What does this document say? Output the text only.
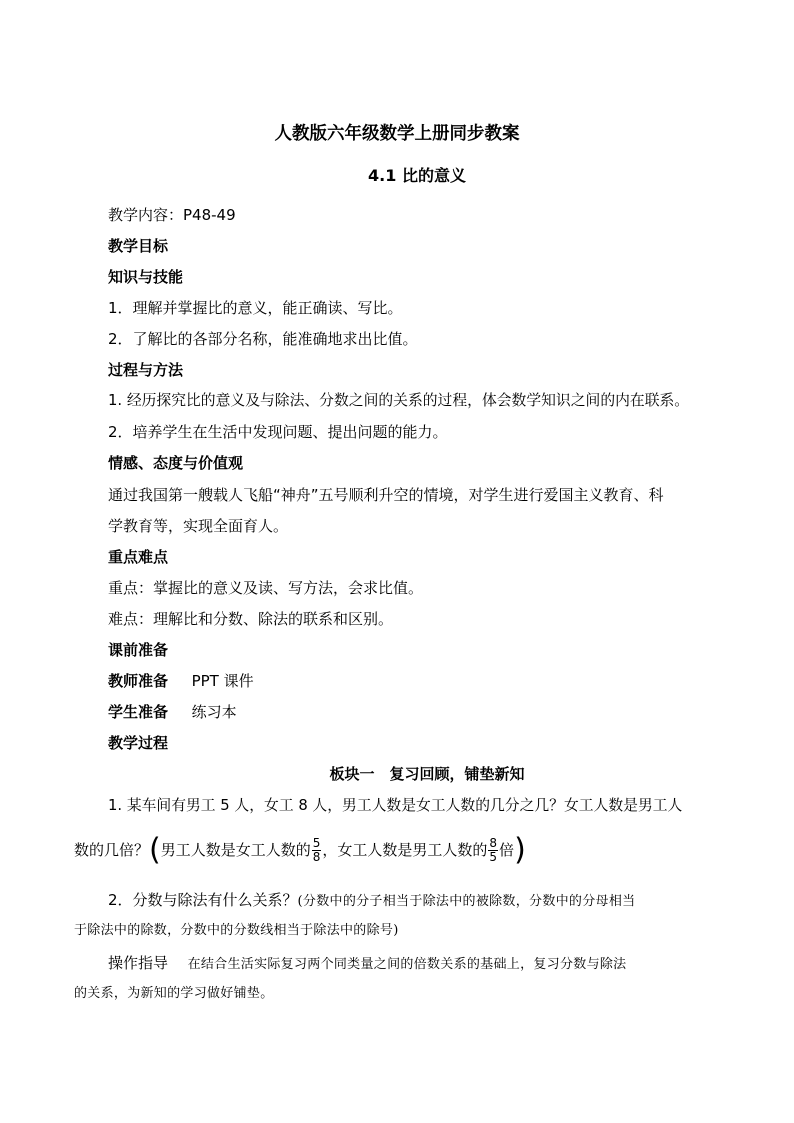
人教版六年级数学上册同步教案
4.1 比的意义
教学内容：P48-49
教学目标
知识与技能
1．理解并掌握比的意义，能正确读、写比。
2．了解比的各部分名称，能准确地求出比值。
过程与方法
1. 经历探究比的意义及与除法、分数之间的关系的过程，体会数学知识之间的内在联系。
2．培养学生在生活中发现问题、提出问题的能力。
情感、态度与价值观
通过我国第一艘载人飞船“神舟”五号顺利升空的情境，对学生进行爱国主义教育、科
学教育等，实现全面育人。
重点难点
重点：掌握比的意义及读、写方法，会求比值。
难点：理解比和分数、除法的联系和区别。
课前准备
教师准备 PPT 课件
学生准备 练习本
教学过程
板块一　复习回顾，铺垫新知
1. 某车间有男工 5 人，女工 8 人，男工人数是女工人数的几分之几？女工人数是男工人
数的几倍？(男工人数是女工人数的 $\frac{5}{8}$ ，女工人数是男工人数的 $\frac{8}{5}$ 倍)
2．分数与除法有什么关系？(分数中的分子相当于除法中的被除数，分数中的分母相当
于除法中的除数，分数中的分数线相当于除法中的除号)
操作指导 在结合生活实际复习两个同类量之间的倍数关系的基础上，复习分数与除法
的关系，为新知的学习做好铺垫。
